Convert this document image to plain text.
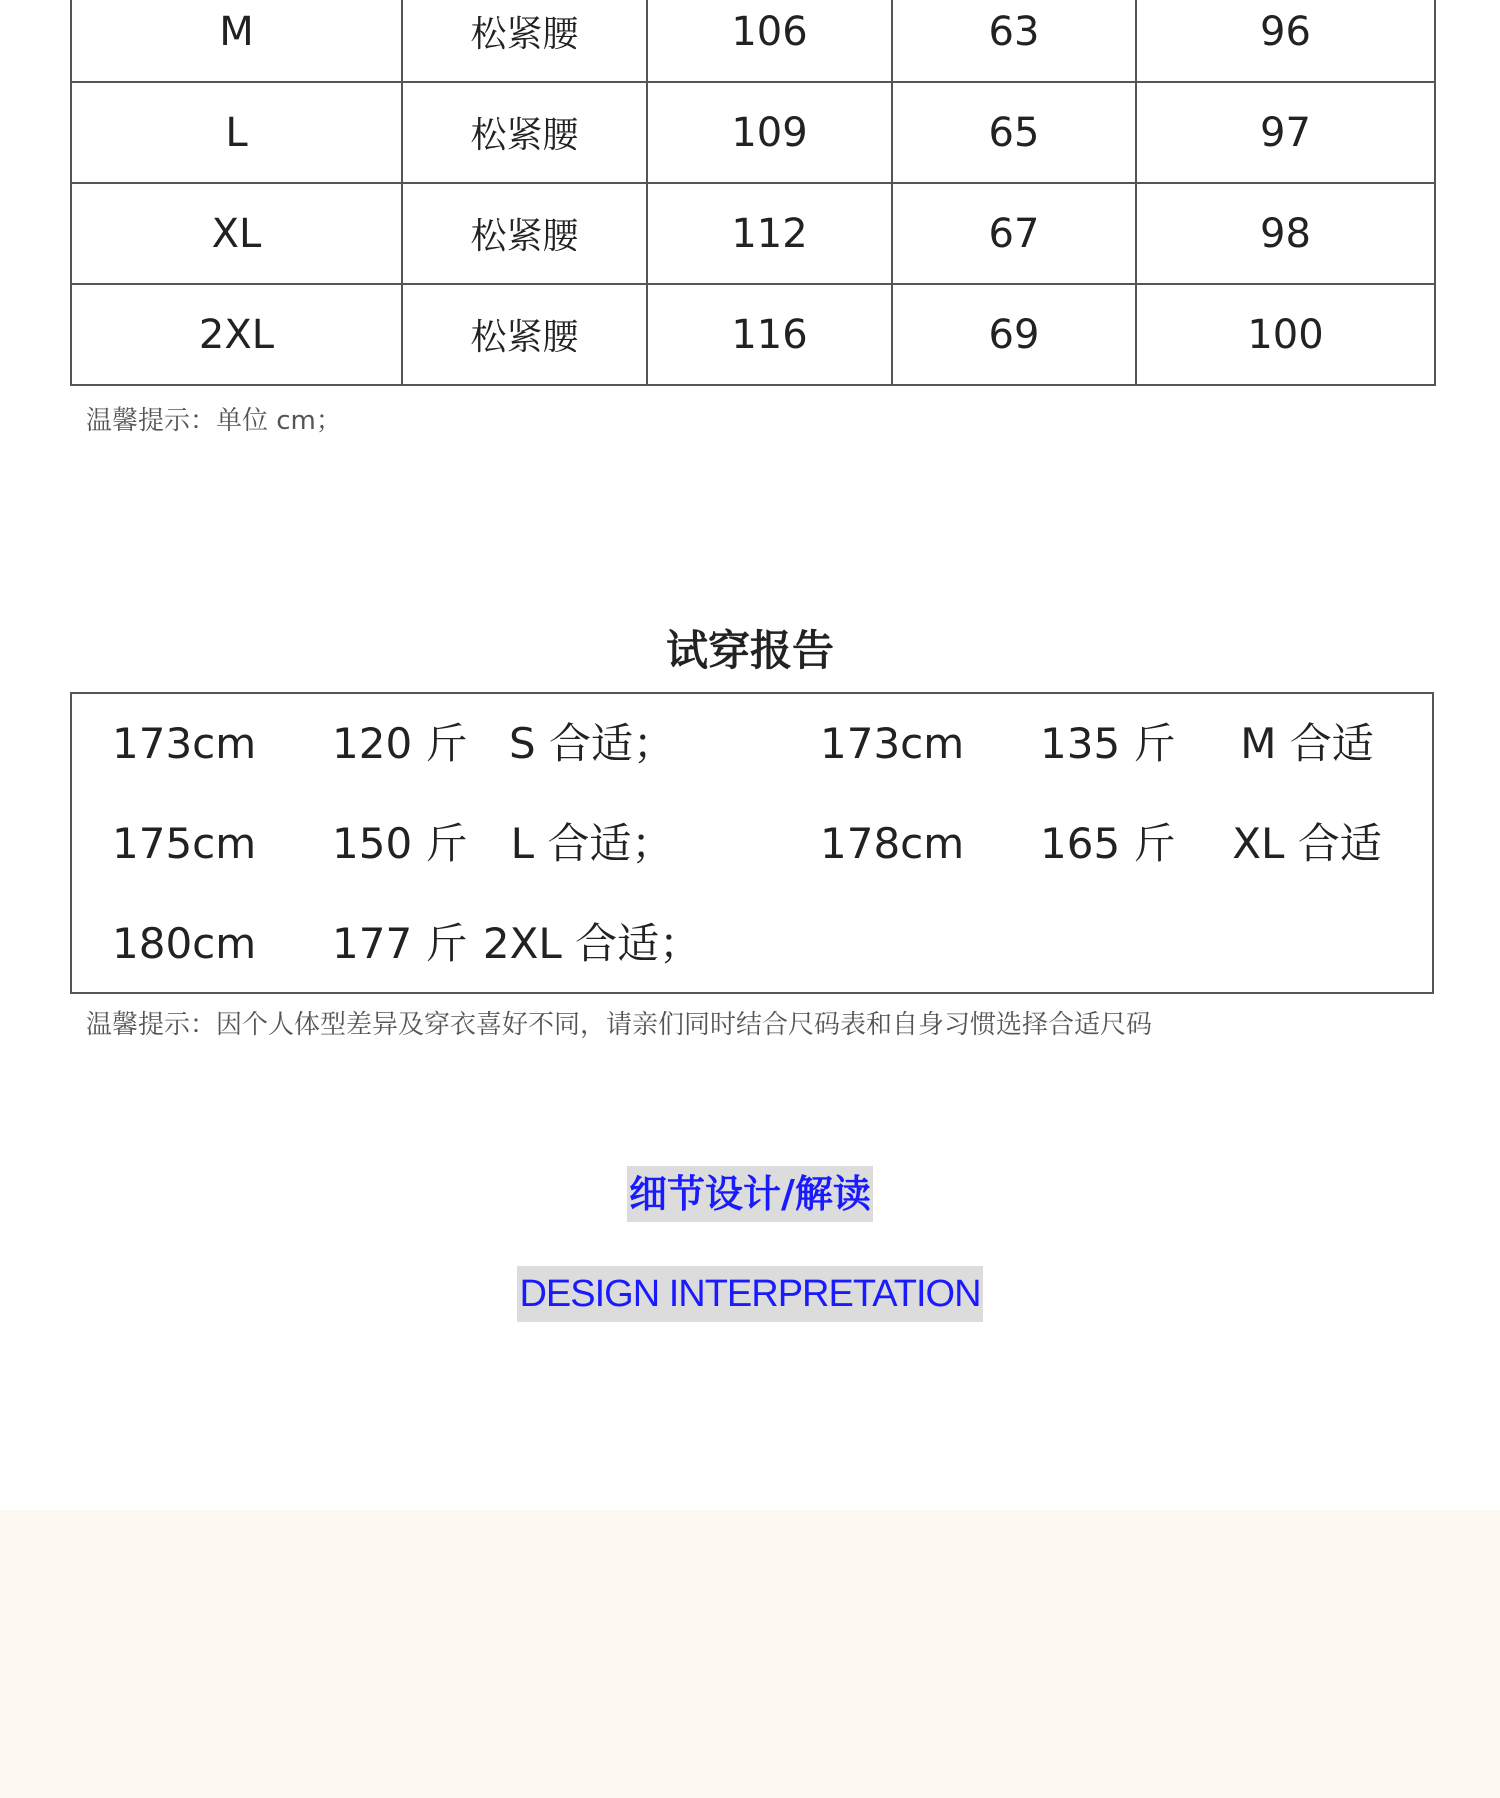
M	松紧腰	106	63	96
L	松紧腰	109	65	97
XL	松紧腰	112	67	98
2XL	松紧腰	116	69	100
温馨提示：单位 cm；
试穿报告
173cm 120 斤 S 合适；	173cm 135 斤	M 合适
175cm 150 斤	L 合适；	178cm 165 斤	XL 合适
180cm 177 斤 2XL 合适；
温馨提示：因个人体型差异及穿衣喜好不同，请亲们同时结合尺码表和自身习惯选择合适尺码
细节设计/解读
DESIGN INTERPRETATION
